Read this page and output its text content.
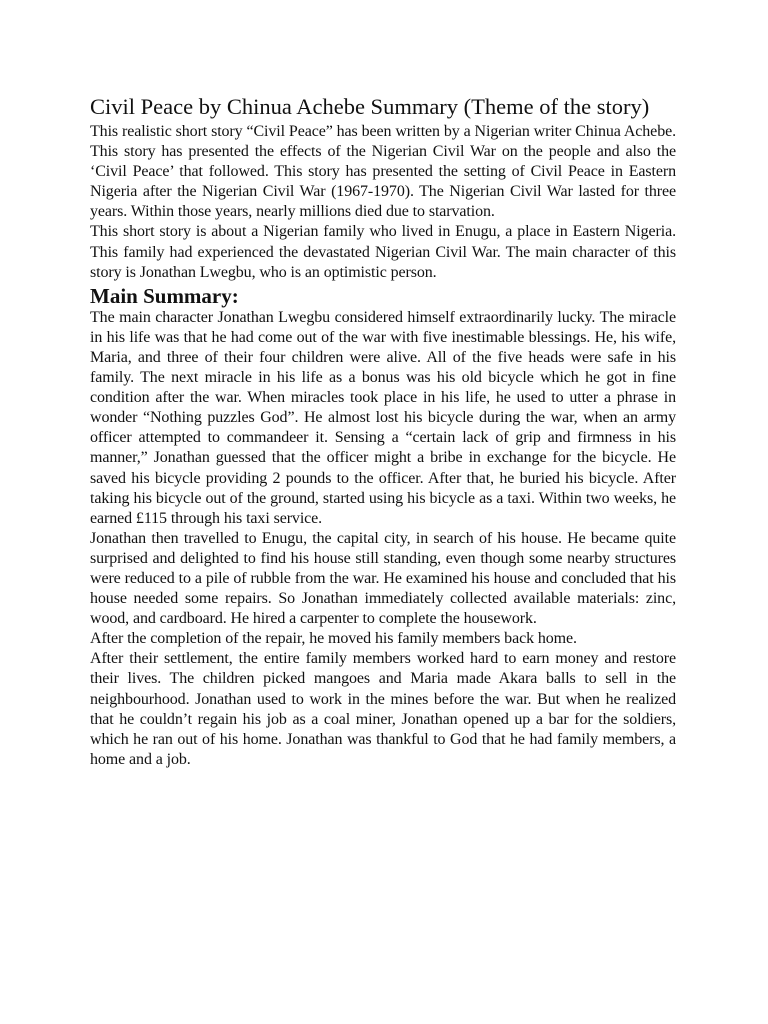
Civil Peace by Chinua Achebe Summary (Theme of the story)

This realistic short story “Civil Peace” has been written by a Nigerian writer Chinua Achebe. This story has presented the effects of the Nigerian Civil War on the people and also the ‘Civil Peace’ that followed. This story has presented the setting of Civil Peace in Eastern Nigeria after the Nigerian Civil War (1967-1970). The Nigerian Civil War lasted for three years. Within those years, nearly millions died due to starvation.

This short story is about a Nigerian family who lived in Enugu, a place in Eastern Nigeria. This family had experienced the devastated Nigerian Civil War. The main character of this story is Jonathan Lwegbu, who is an optimistic person.

Main Summary:

The main character Jonathan Lwegbu considered himself extraordinarily lucky. The miracle in his life was that he had come out of the war with five inestimable blessings. He, his wife, Maria, and three of their four children were alive. All of the five heads were safe in his family. The next miracle in his life as a bonus was his old bicycle which he got in fine condition after the war. When miracles took place in his life, he used to utter a phrase in wonder “Nothing puzzles God”. He almost lost his bicycle during the war, when an army officer attempted to commandeer it. Sensing a “certain lack of grip and firmness in his manner,” Jonathan guessed that the officer might a bribe in exchange for the bicycle. He saved his bicycle providing 2 pounds to the officer. After that, he buried his bicycle. After taking his bicycle out of the ground, started using his bicycle as a taxi. Within two weeks, he earned £115 through his taxi service.

Jonathan then travelled to Enugu, the capital city, in search of his house. He became quite surprised and delighted to find his house still standing, even though some nearby structures were reduced to a pile of rubble from the war. He examined his house and concluded that his house needed some repairs. So Jonathan immediately collected available materials: zinc, wood, and cardboard. He hired a carpenter to complete the housework.

After the completion of the repair, he moved his family members back home.

After their settlement, the entire family members worked hard to earn money and restore their lives. The children picked mangoes and Maria made Akara balls to sell in the neighbourhood. Jonathan used to work in the mines before the war. But when he realized that he couldn’t regain his job as a coal miner, Jonathan opened up a bar for the soldiers, which he ran out of his home. Jonathan was thankful to God that he had family members, a home and a job.
